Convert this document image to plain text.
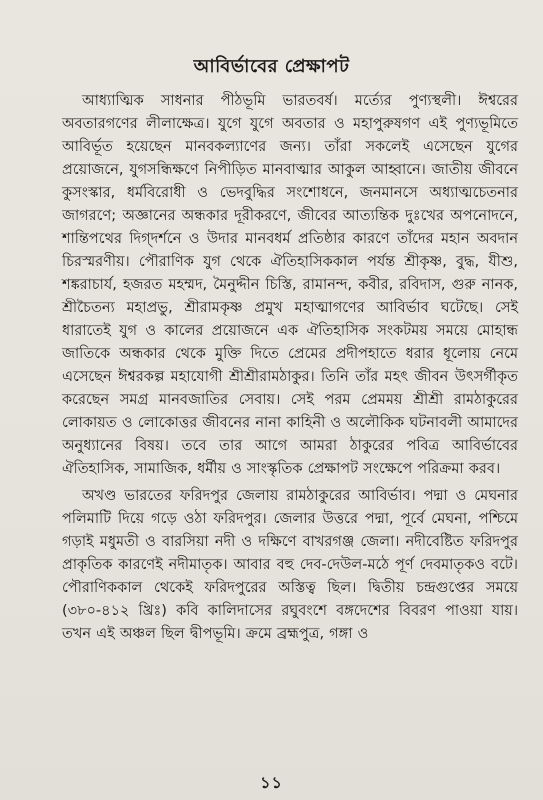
আবির্ভাবের প্রেক্ষাপট

আধ্যাত্মিক সাধনার পীঠভূমি ভারতবর্ষ। মর্ত্যের পুণ্যস্থলী। ঈশ্বরের অবতারগণের লীলাক্ষেত্র। যুগে যুগে অবতার ও মহাপুরুষগণ এই পুণ্যভূমিতে আবির্ভূত হয়েছেন মানবকল্যাণের জন্য। তাঁরা সকলেই এসেছেন যুগের প্রয়োজনে, যুগসন্ধিক্ষণে নিপীড়িত মানবাত্মার আকুল আহ্বানে। জাতীয় জীবনে কুসংস্কার, ধর্মবিরোধী ও ভেদবুদ্ধির সংশোধনে, জনমানসে অধ্যাত্মচেতনার জাগরণে; অজ্ঞানের অন্ধকার দূরীকরণে, জীবের আত্যন্তিক দুঃখের অপনোদনে, শান্তিপথের দিগ্‌দর্শনে ও উদার মানবধর্ম প্রতিষ্ঠার কারণে তাঁদের মহান অবদান চিরস্মরণীয়। পৌরাণিক যুগ থেকে ঐতিহাসিককাল পর্যন্ত শ্রীকৃষ্ণ, বুদ্ধ, যীশু, শঙ্করাচার্য, হজরত মহম্মদ, মৈনুদ্দীন চিস্তি, রামানন্দ, কবীর, রবিদাস, গুরু নানক, শ্রীচৈতন্য মহাপ্রভু, শ্রীরামকৃষ্ণ প্রমুখ মহাত্মাগণের আবির্ভাব ঘটেছে। সেই ধারাতেই যুগ ও কালের প্রয়োজনে এক ঐতিহাসিক সংকটময় সময়ে মোহান্ধ জাতিকে অন্ধকার থেকে মুক্তি দিতে প্রেমের প্রদীপহাতে ধরার ধূলোয় নেমে এসেছেন ঈশ্বরকল্প মহাযোগী শ্রীশ্রীরামঠাকুর। তিনি তাঁর মহৎ জীবন উৎসর্গীকৃত করেছেন সমগ্র মানবজাতির সেবায়। সেই পরম প্রেমময় শ্রীশ্রী রামঠাকুরের লোকায়ত ও লোকোত্তর জীবনের নানা কাহিনী ও অলৌকিক ঘটনাবলী আমাদের অনুধ্যানের বিষয়। তবে তার আগে আমরা ঠাকুরের পবিত্র আবির্ভাবের ঐতিহাসিক, সামাজিক, ধর্মীয় ও সাংস্কৃতিক প্রেক্ষাপট সংক্ষেপে পরিক্রমা করব।

অখণ্ড ভারতের ফরিদপুর জেলায় রামঠাকুরের আবির্ভাব। পদ্মা ও মেঘনার পলিমাটি দিয়ে গড়ে ওঠা ফরিদপুর। জেলার উত্তরে পদ্মা, পূর্বে মেঘনা, পশ্চিমে গড়াই মধুমতী ও বারসিয়া নদী ও দক্ষিণে বাখরগঞ্জ জেলা। নদীবেষ্টিত ফরিদপুর প্রাকৃতিক কারণেই নদীমাতৃক। আবার বহু দেব-দেউল-মঠে পূর্ণ দেবমাতৃকও বটে। পৌরাণিককাল থেকেই ফরিদপুরের অস্তিত্ব ছিল। দ্বিতীয় চন্দ্রগুপ্তের সময়ে (৩৮০-৪১২ খ্রিঃ) কবি কালিদাসের রঘুবংশে বঙ্গদেশের বিবরণ পাওয়া যায়। তখন এই অঞ্চল ছিল দ্বীপভূমি। ক্রমে ব্রহ্মপুত্র, গঙ্গা ও

১১
